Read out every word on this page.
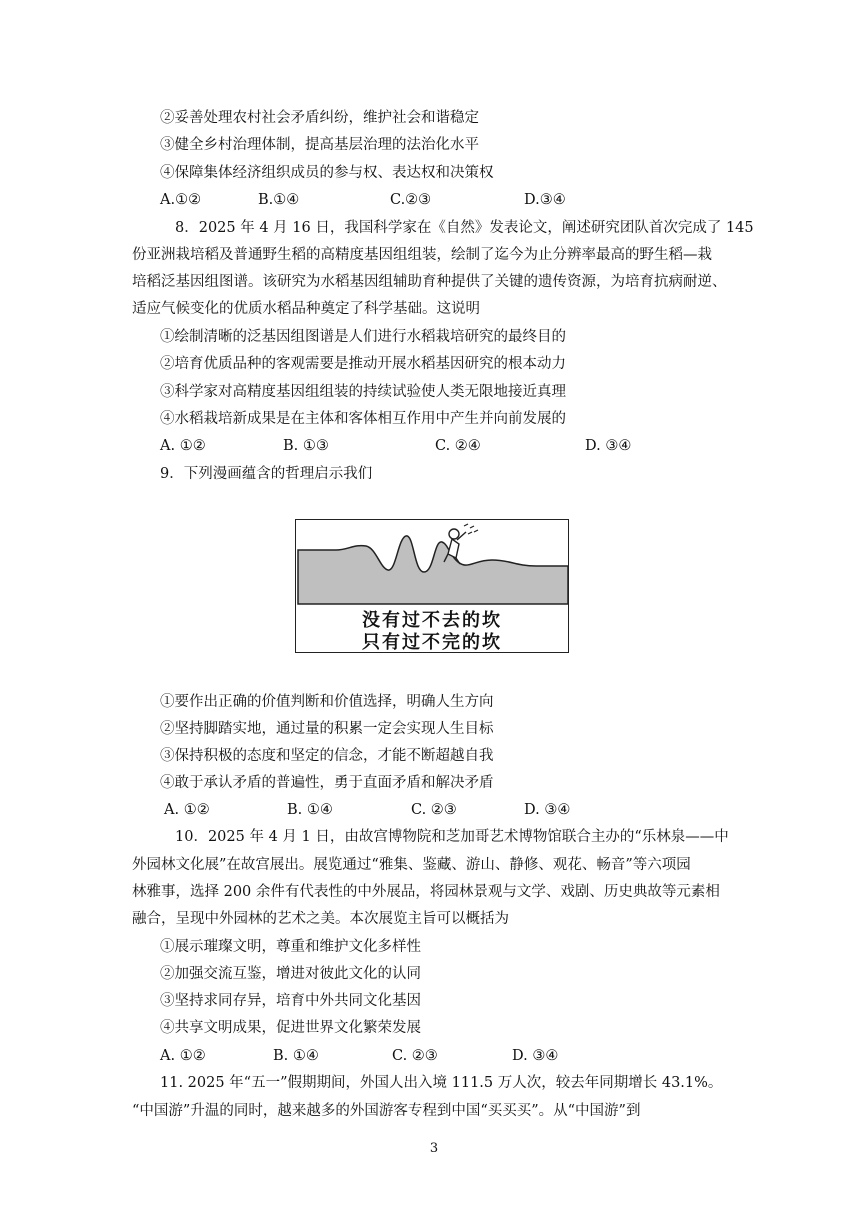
②妥善处理农村社会矛盾纠纷，维护社会和谐稳定
③健全乡村治理体制，提高基层治理的法治化水平
④保障集体经济组织成员的参与权、表达权和决策权
A.①②	B.①④	C.②③	D.③④
8．2025 年 4 月 16 日，我国科学家在《自然》发表论文，阐述研究团队首次完成了 145
份亚洲栽培稻及普通野生稻的高精度基因组组装，绘制了迄今为止分辨率最高的野生稻—栽
培稻泛基因组图谱。该研究为水稻基因组辅助育种提供了关键的遗传资源，为培育抗病耐逆、
适应气候变化的优质水稻品种奠定了科学基础。这说明
①绘制清晰的泛基因组图谱是人们进行水稻栽培研究的最终目的
②培育优质品种的客观需要是推动开展水稻基因研究的根本动力
③科学家对高精度基因组组装的持续试验使人类无限地接近真理
④水稻栽培新成果是在主体和客体相互作用中产生并向前发展的
A. ①②	B. ①③	C. ②④	D. ③④
9．下列漫画蕴含的哲理启示我们
没有过不去的坎
只有过不完的坎
①要作出正确的价值判断和价值选择，明确人生方向
②坚持脚踏实地，通过量的积累一定会实现人生目标
③保持积极的态度和坚定的信念，才能不断超越自我
④敢于承认矛盾的普遍性，勇于直面矛盾和解决矛盾
A. ①②	B. ①④	C. ②③	D. ③④
10．2025 年 4 月 1 日，由故宫博物院和芝加哥艺术博物馆联合主办的“乐林泉——中
外园林文化展”在故宫展出。展览通过“雅集、鉴藏、游山、静修、观花、畅音”等六项园
林雅事，选择 200 余件有代表性的中外展品，将园林景观与文学、戏剧、历史典故等元素相
融合，呈现中外园林的艺术之美。本次展览主旨可以概括为
①展示璀璨文明，尊重和维护文化多样性
②加强交流互鉴，增进对彼此文化的认同
③坚持求同存异，培育中外共同文化基因
④共享文明成果，促进世界文化繁荣发展
A. ①②	B. ①④	C. ②③	D. ③④
11. 2025 年“五一”假期期间，外国人出入境 111.5 万人次，较去年同期增长 43.1%。
“中国游”升温的同时，越来越多的外国游客专程到中国“买买买”。从“中国游”到
3
